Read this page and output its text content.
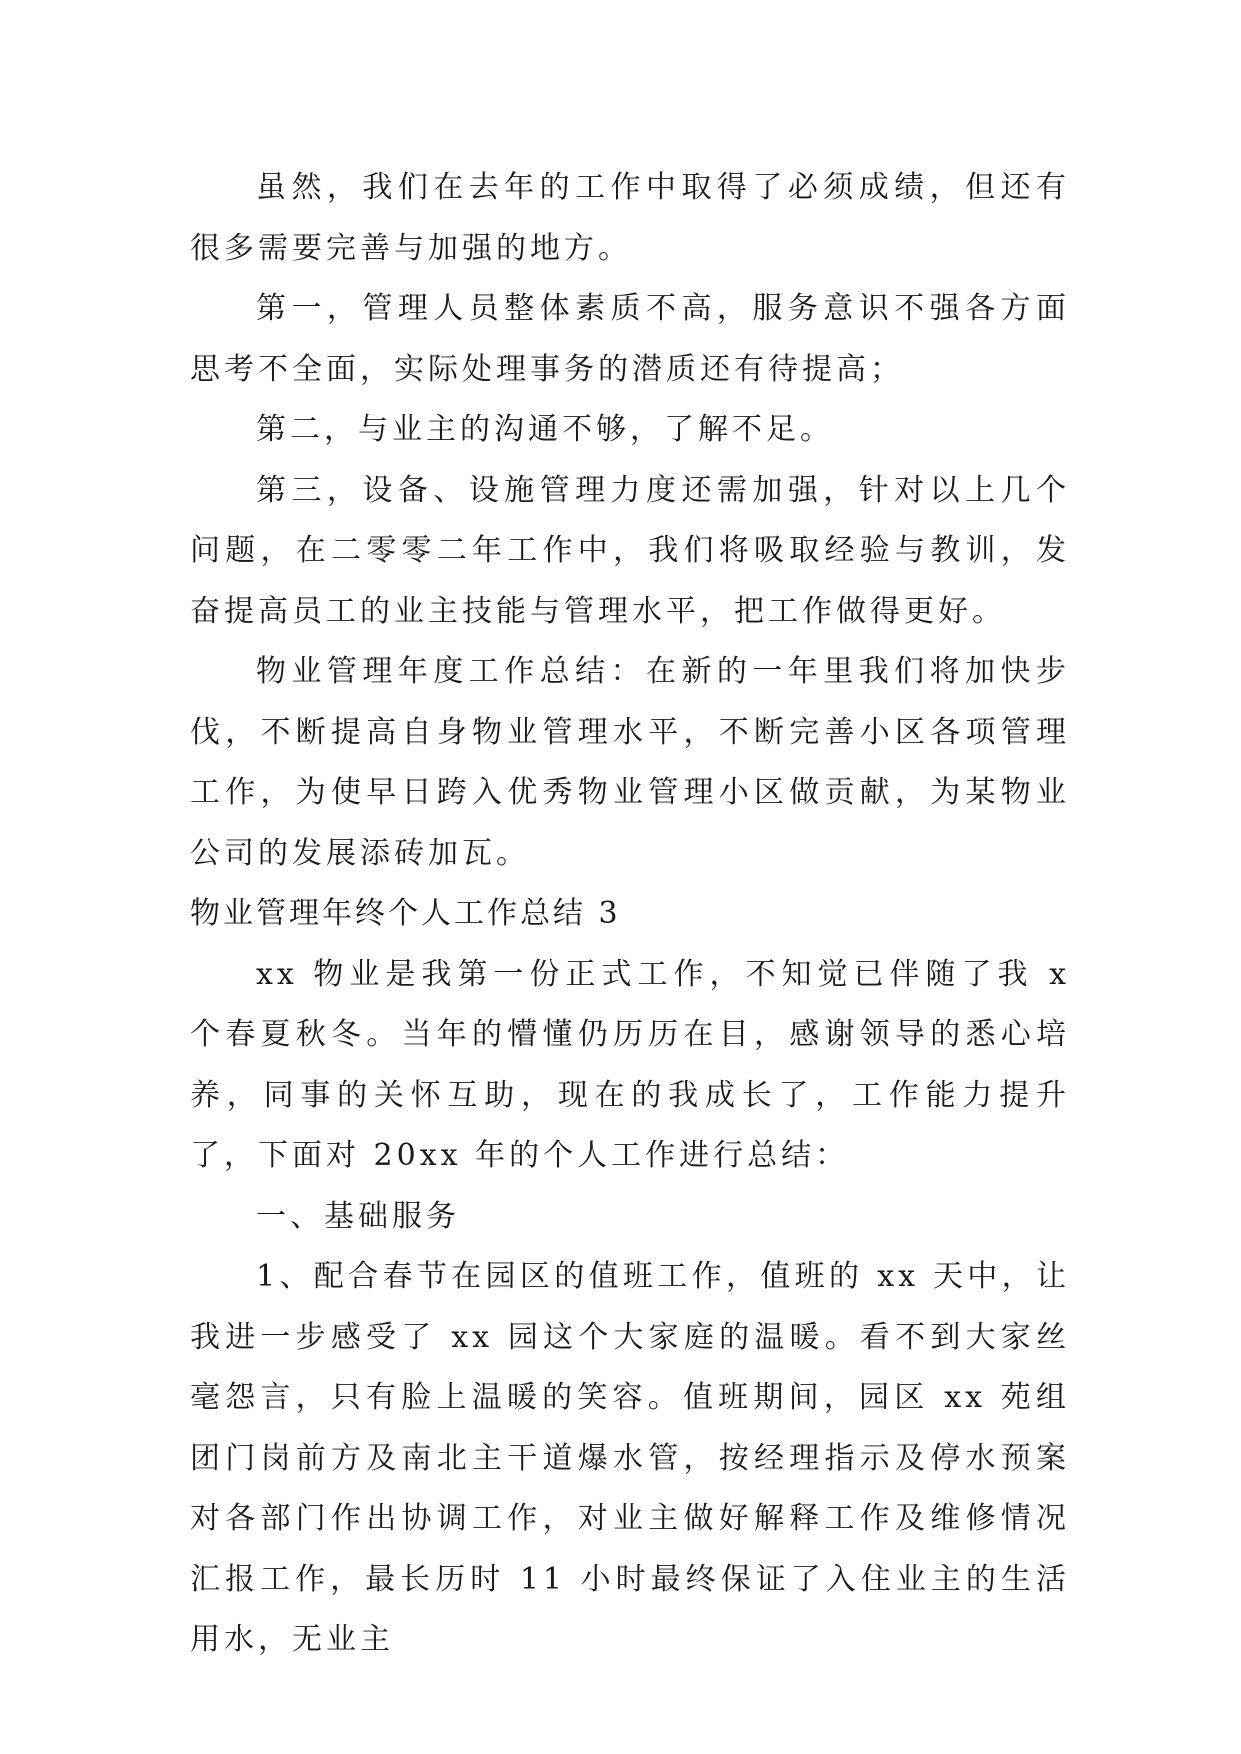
虽然，我们在去年的工作中取得了必须成绩，但还有很多需要完善与加强的地方。

第一，管理人员整体素质不高，服务意识不强各方面思考不全面，实际处理事务的潜质还有待提高；

第二，与业主的沟通不够，了解不足。

第三，设备、设施管理力度还需加强，针对以上几个问题，在二零零二年工作中，我们将吸取经验与教训，发奋提高员工的业主技能与管理水平，把工作做得更好。

物业管理年度工作总结：在新的一年里我们将加快步伐，不断提高自身物业管理水平，不断完善小区各项管理工作，为使早日跨入优秀物业管理小区做贡献，为某物业公司的发展添砖加瓦。

物业管理年终个人工作总结 3

xx 物业是我第一份正式工作，不知觉已伴随了我 x 个春夏秋冬。当年的懵懂仍历历在目，感谢领导的悉心培养，同事的关怀互助，现在的我成长了，工作能力提升了，下面对 20xx 年的个人工作进行总结：

一、基础服务

1、配合春节在园区的值班工作，值班的 xx 天中，让我进一步感受了 xx 园这个大家庭的温暖。看不到大家丝毫怨言，只有脸上温暖的笑容。值班期间，园区 xx 苑组团门岗前方及南北主干道爆水管，按经理指示及停水预案对各部门作出协调工作，对业主做好解释工作及维修情况汇报工作，最长历时 11 小时最终保证了入住业主的生活用水，无业主
